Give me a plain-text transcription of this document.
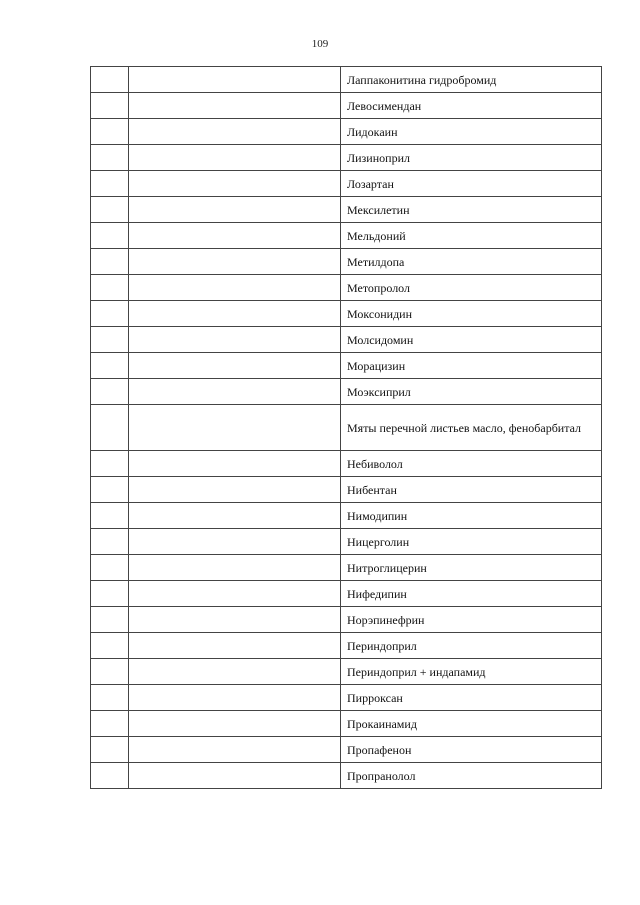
109

		Лаппаконитина гидробромид

		Левосимендан

		Лидокаин

		Лизиноприл

		Лозартан

		Мексилетин

		Мельдоний

		Метилдопа

		Метопролол

		Моксонидин

		Молсидомин

		Морацизин

		Моэксиприл

		Мяты перечной листьев масло, фенобарбитал

		Небиволол

		Нибентан

		Нимодипин

		Ницерголин

		Нитроглицерин

		Нифедипин

		Норэпинефрин

		Периндоприл

		Периндоприл + индапамид

		Пирроксан

		Прокаинамид

		Пропафенон

		Пропранолол
